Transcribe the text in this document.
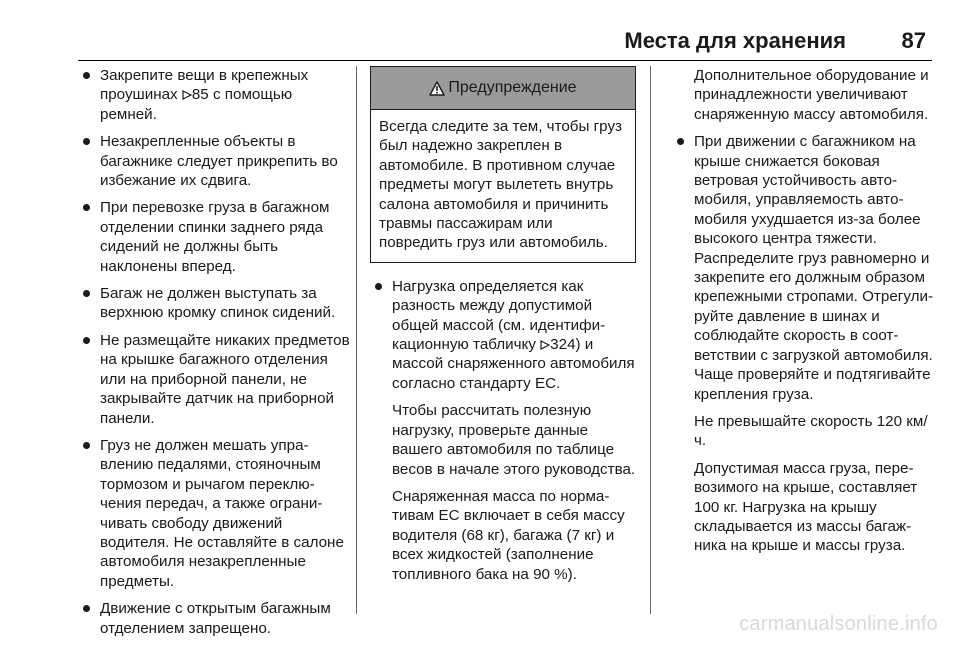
Места для хранения	87
Закрепите вещи в крепежных проушинах 85 с помощью ремней.
Незакрепленные объекты в багажнике следует прикрепить во избежание их сдвига.
При перевозке груза в багажном отделении спинки заднего ряда сидений не должны быть наклонены вперед.
Багаж не должен выступать за верхнюю кромку спинок сидений.
Не размещайте никаких предметов на крышке багажного отделения или на приборной панели, не закрывайте датчик на приборной панели.
Груз не должен мешать управлению педалями, стояночным тормозом и рычагом переключения передач, а также ограничивать свободу движений водителя. Не оставляйте в салоне автомобиля незакрепленные предметы.
Движение с открытым багажным отделением запрещено.
Предупреждение
Всегда следите за тем, чтобы груз был надежно закреплен в автомобиле. В противном случае предметы могут вылететь внутрь салона автомобиля и причинить травмы пассажирам или повредить груз или автомобиль.
Нагрузка определяется как разность между допустимой общей массой (см. идентификационную табличку 324) и массой снаряженного автомобиля согласно стандарту ЕС.

Чтобы рассчитать полезную нагрузку, проверьте данные вашего автомобиля по таблице весов в начале этого руководства.

Снаряженная масса по нормативам ЕС включает в себя массу водителя (68 кг), багажа (7 кг) и всех жидкостей (заполнение топливного бака на 90 %).

Дополнительное оборудование и принадлежности увеличивают снаряженную массу автомобиля.

При движении с багажником на крыше снижается боковая ветровая устойчивость автомобиля, управляемость автомобиля ухудшается из-за более высокого центра тяжести. Распределите груз равномерно и закрепите его должным образом крепежными стропами. Отрегулируйте давление в шинах и соблюдайте скорость в соответствии с загрузкой автомобиля. Чаще проверяйте и подтягивайте крепления груза.

Не превышайте скорость 120 км/ч.

Допустимая масса груза, перевозимого на крыше, составляет 100 кг. Нагрузка на крышу складывается из массы багажника на крыше и массы груза.

carmanualsonline.info
